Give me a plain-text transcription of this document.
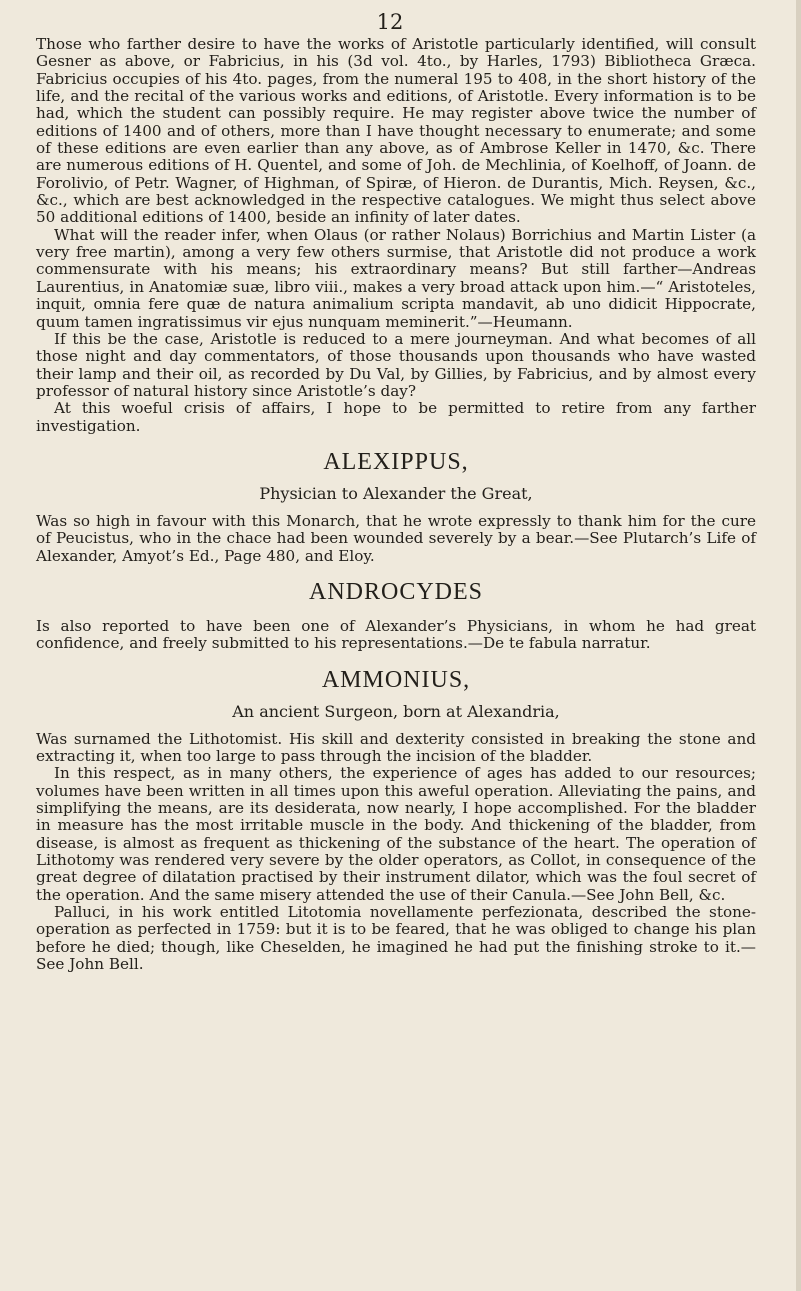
12

Those who farther desire to have the works of Aristotle particularly identified, will consult Gesner as above, or Fabricius, in his (3d vol. 4to., by Harles, 1793) Bibliotheca Græca. Fabricius occupies of his 4to. pages, from the numeral 195 to 408, in the short history of the life, and the recital of the various works and editions, of Aristotle. Every information is to be had, which the student can possibly require. He may register above twice the number of editions of 1400 and of others, more than I have thought necessary to enumerate; and some of these editions are even earlier than any above, as of Ambrose Keller in 1470, &c. There are numerous editions of H. Quentel, and some of Joh. de Mechlinia, of Koelhoff, of Joann. de Forolivio, of Petr. Wagner, of Highman, of Spiræ, of Hieron. de Durantis, Mich. Reysen, &c., &c., which are best acknowledged in the respective catalogues. We might thus select above 50 additional editions of 1400, beside an infinity of later dates.

What will the reader infer, when Olaus (or rather Nolaus) Borrichius and Martin Lister (a very free martin), among a very few others surmise, that Aristotle did not produce a work commensurate with his means; his extraordinary means? But still farther—Andreas Laurentius, in Anatomiæ suæ, libro viii., makes a very broad attack upon him.—“ Aristoteles, inquit, omnia fere quæ de natura animalium scripta mandavit, ab uno didicit Hippocrate, quum tamen ingratissimus vir ejus nunquam meminerit.”—Heumann.

If this be the case, Aristotle is reduced to a mere journeyman. And what becomes of all those night and day commentators, of those thousands upon thousands who have wasted their lamp and their oil, as recorded by Du Val, by Gillies, by Fabricius, and by almost every professor of natural history since Aristotle’s day?

At this woeful crisis of affairs, I hope to be permitted to retire from any farther investigation.

ALEXIPPUS,
Physician to Alexander the Great,

Was so high in favour with this Monarch, that he wrote expressly to thank him for the cure of Peucistus, who in the chace had been wounded severely by a bear.—See Plutarch’s Life of Alexander, Amyot’s Ed., Page 480, and Eloy.

ANDROCYDES

Is also reported to have been one of Alexander’s Physicians, in whom he had great confidence, and freely submitted to his representations.—De te fabula narratur.

AMMONIUS,
An ancient Surgeon, born at Alexandria,

Was surnamed the Lithotomist. His skill and dexterity consisted in breaking the stone and extracting it, when too large to pass through the incision of the bladder.

In this respect, as in many others, the experience of ages has added to our resources; volumes have been written in all times upon this aweful operation. Alleviating the pains, and simplifying the means, are its desiderata, now nearly, I hope accomplished. For the bladder in measure has the most irritable muscle in the body. And thickening of the bladder, from disease, is almost as frequent as thickening of the substance of the heart. The operation of Lithotomy was rendered very severe by the older operators, as Collot, in consequence of the great degree of dilatation practised by their instrument dilator, which was the foul secret of the operation. And the same misery attended the use of their Canula.—See John Bell, &c.

Palluci, in his work entitled Litotomia novellamente perfezionata, described the stone-operation as perfected in 1759: but it is to be feared, that he was obliged to change his plan before he died; though, like Cheselden, he imagined he had put the finishing stroke to it.—See John Bell.
